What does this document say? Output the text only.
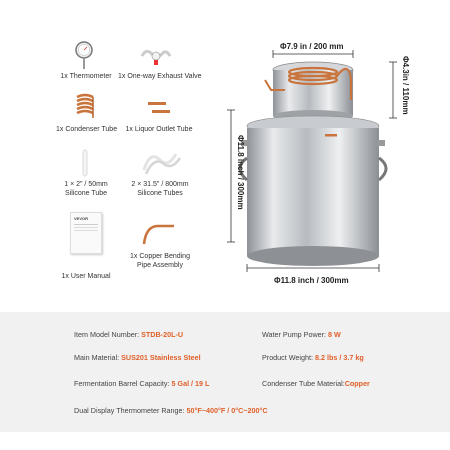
1x Thermometer 1x One-way Exhaust Valve
1x Condenser Tube 1x Liquor Outlet Tube
1 × 2" / 50mm
Silicone Tube
2 × 31.5" / 800mm
Silicone Tubes
VEVOR
1x User Manual
1x Copper Bending
Pipe Assembly
Φ7.9 in / 200 mm
Φ4.3in / 110mm
Φ11.8 inch / 300mm
Φ11.8 inch / 300mm
Item Model Number: STDB-20L-U	Water Pump Power: 8 W
Main Material: SUS201 Stainless Steel	Product Weight: 8.2 lbs / 3.7 kg
Fermentation Barrel Capacity: 5 Gal / 19 L	Condenser Tube Material:Copper
Dual Display Thermometer Range: 50°F~400°F / 0°C~200°C
